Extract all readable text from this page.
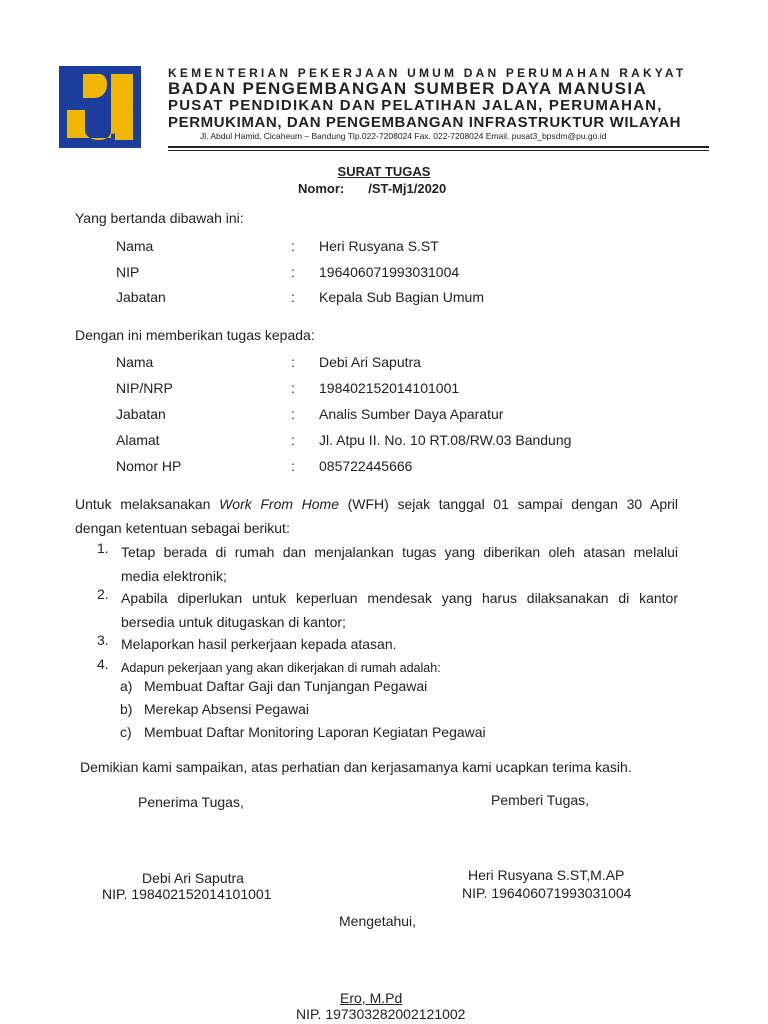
KEMENTERIAN PEKERJAAN UMUM DAN PERUMAHAN RAKYAT
BADAN PENGEMBANGAN SUMBER DAYA MANUSIA
PUSAT PENDIDIKAN DAN PELATIHAN JALAN, PERUMAHAN,
PERMUKIMAN, DAN PENGEMBANGAN INFRASTRUKTUR WILAYAH
Jl. Abdul Hamid, Cicaheum – Bandung Tlp.022-7208024 Fax. 022-7208024 Email. pusat3_bpsdm@pu.go.id
SURAT TUGAS
Nomor: /ST-Mj1/2020
Yang bertanda dibawah ini:
Nama	: Heri Rusyana S.ST
NIP	: 196406071993031004
Jabatan	: Kepala Sub Bagian Umum
Dengan ini memberikan tugas kepada:
Nama	: Debi Ari Saputra
NIP/NRP	: 198402152014101001
Jabatan	: Analis Sumber Daya Aparatur
Alamat	: Jl. Atpu II. No. 10 RT.08/RW.03 Bandung
Nomor HP	: 085722445666
Untuk melaksanakan Work From Home (WFH) sejak tanggal 01 sampai dengan 30 April
dengan ketentuan sebagai berikut:
1. Tetap berada di rumah dan menjalankan tugas yang diberikan oleh atasan melalui
media elektronik;
2. Apabila diperlukan untuk keperluan mendesak yang harus dilaksanakan di kantor
bersedia untuk ditugaskan di kantor;
3. Melaporkan hasil perkerjaan kepada atasan.
4. Adapun pekerjaan yang akan dikerjakan di rumah adalah:
a) Membuat Daftar Gaji dan Tunjangan Pegawai
b) Merekap Absensi Pegawai
c) Membuat Daftar Monitoring Laporan Kegiatan Pegawai
Demikian kami sampaikan, atas perhatian dan kerjasamanya kami ucapkan terima kasih.
Penerima Tugas,	Pemberi Tugas,
Debi Ari Saputra
NIP. 198402152014101001
Heri Rusyana S.ST,M.AP
NIP. 196406071993031004
Mengetahui,
Ero, M.Pd
NIP. 197303282002121002
